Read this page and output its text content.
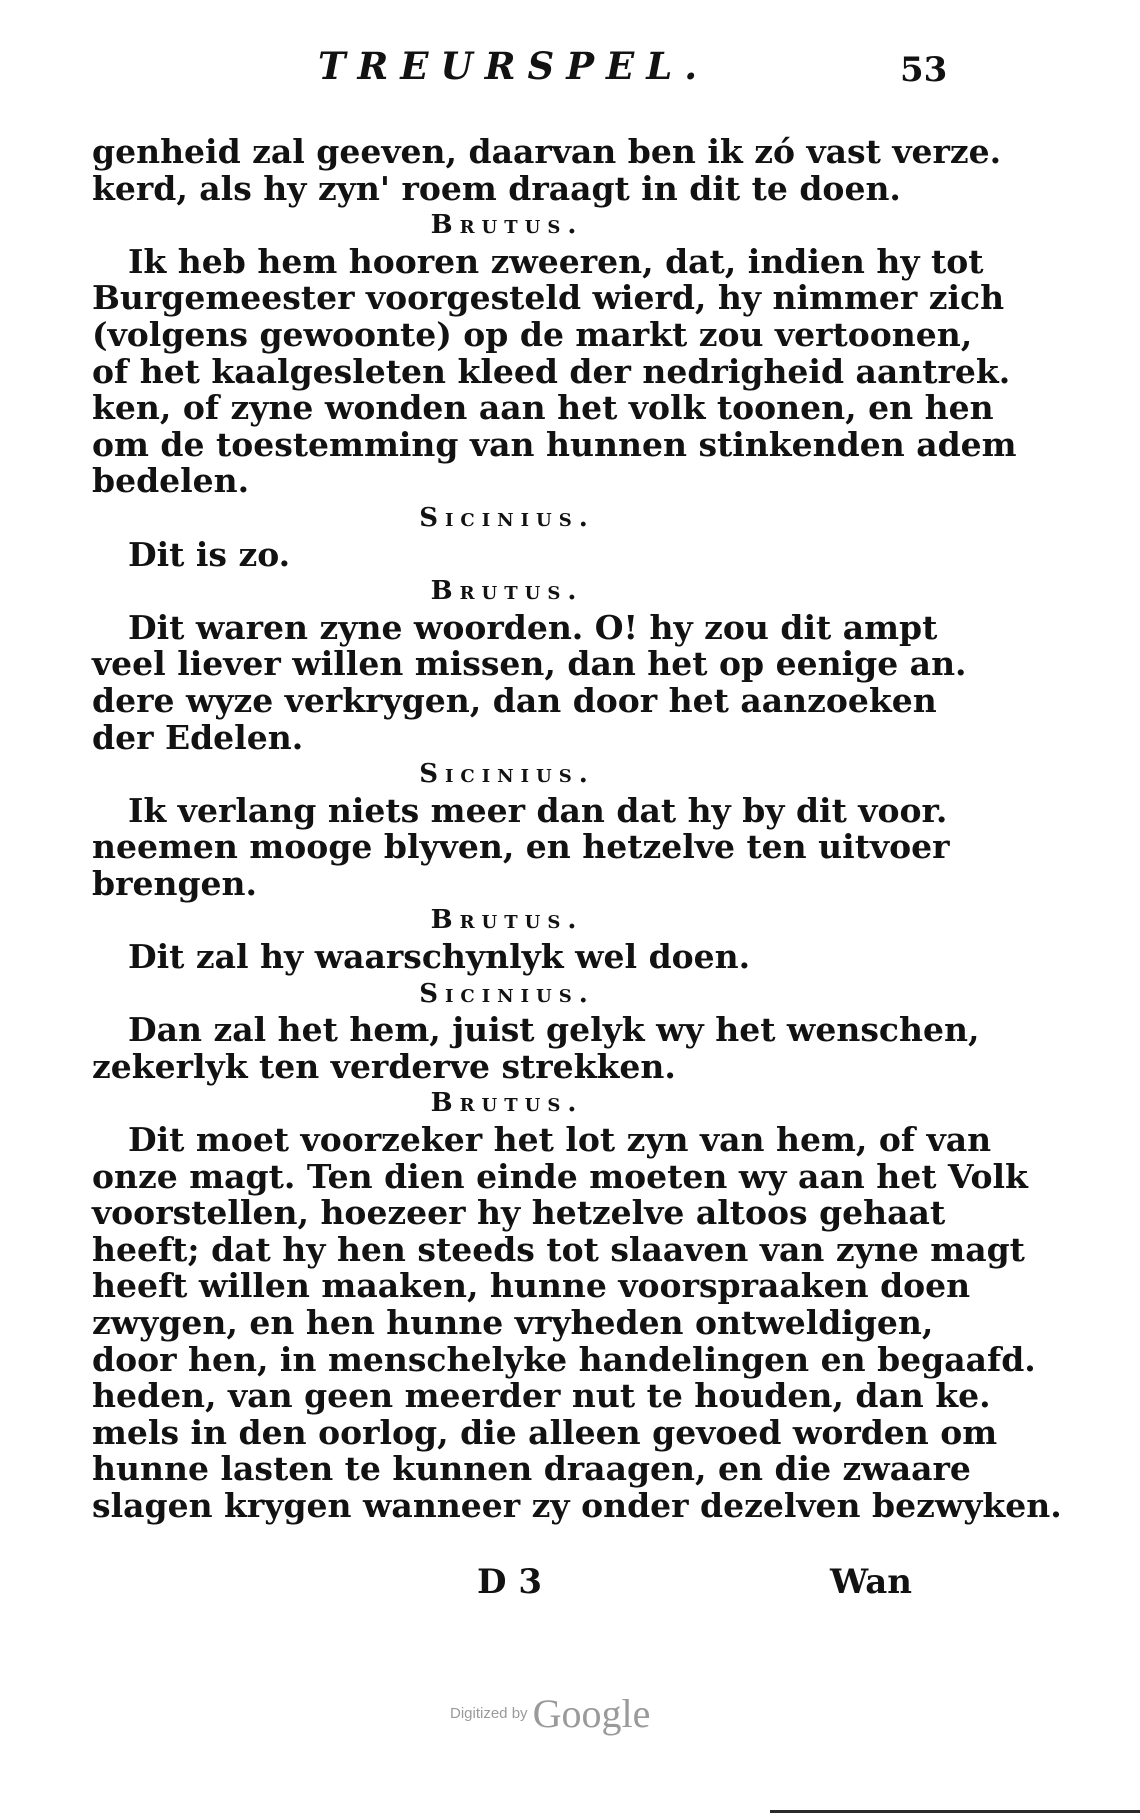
TREURSPEL.	53
genheid zal geeven, daarvan ben ik zó vast verze.
kerd, als hy zyn' roem draagt in dit te doen.
Brutus.
Ik heb hem hooren zweeren, dat, indien hy tot
Burgemeester voorgesteld wierd, hy nimmer zich
(volgens gewoonte) op de markt zou vertoonen,
of het kaalgesleten kleed der nedrigheid aantrek.
ken, of zyne wonden aan het volk toonen, en hen
om de toestemming van hunnen stinkenden adem
bedelen.
Sicinius.
Dit is zo.
Brutus.
Dit waren zyne woorden. O! hy zou dit ampt
veel liever willen missen, dan het op eenige an.
dere wyze verkrygen, dan door het aanzoeken
der Edelen.
Sicinius.
Ik verlang niets meer dan dat hy by dit voor.
neemen mooge blyven, en hetzelve ten uitvoer
brengen.
Brutus.
Dit zal hy waarschynlyk wel doen.
Sicinius.
Dan zal het hem, juist gelyk wy het wenschen,
zekerlyk ten verderve strekken.
Brutus.
Dit moet voorzeker het lot zyn van hem, of van
onze magt. Ten dien einde moeten wy aan het Volk
voorstellen, hoezeer hy hetzelve altoos gehaat
heeft; dat hy hen steeds tot slaaven van zyne magt
heeft willen maaken, hunne voorspraaken doen
zwygen, en hen hunne vryheden ontweldigen,
door hen, in menschelyke handelingen en begaafd.
heden, van geen meerder nut te houden, dan ke.
mels in den oorlog, die alleen gevoed worden om
hunne lasten te kunnen draagen, en die zwaare
slagen krygen wanneer zy onder dezelven bezwyken.
D 3	Wan
Digitized by Google
